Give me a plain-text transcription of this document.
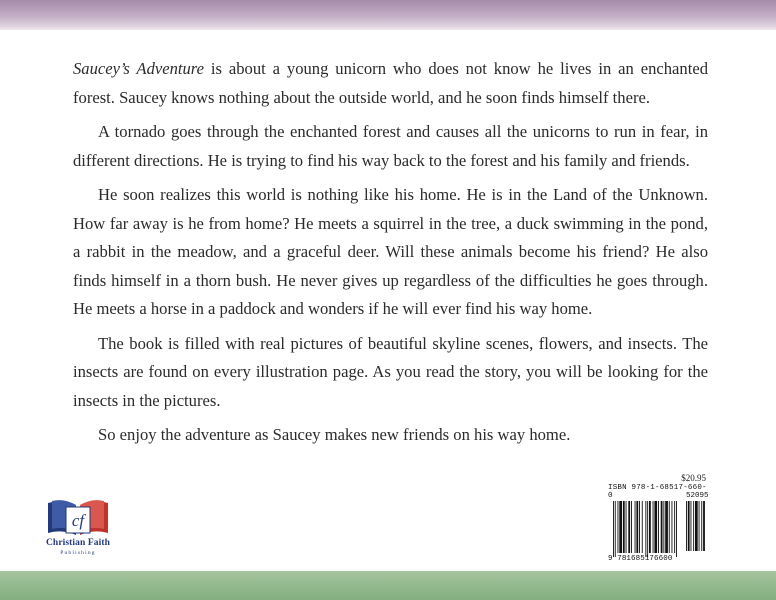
Saucey’s Adventure is about a young unicorn who does not know he lives in an enchanted forest. Saucey knows nothing about the outside world, and he soon finds himself there.

A tornado goes through the enchanted forest and causes all the unicorns to run in fear, in different directions. He is trying to find his way back to the forest and his family and friends.

He soon realizes this world is nothing like his home. He is in the Land of the Unknown. How far away is he from home? He meets a squirrel in the tree, a duck swimming in the pond, a rabbit in the meadow, and a graceful deer. Will these animals become his friend? He also finds himself in a thorn bush. He never gives up regardless of the difficulties he goes through. He meets a horse in a paddock and wonders if he will ever find his way home.

The book is filled with real pictures of beautiful skyline scenes, flowers, and insects. The insects are found on every illustration page. As you read the story, you will be looking for the insects in the pictures.

So enjoy the adventure as Saucey makes new friends on his way home.

cf
Christian Faith
Publishing
$20.95
ISBN 978-1-68517-660-0	52095
9 781685176600
